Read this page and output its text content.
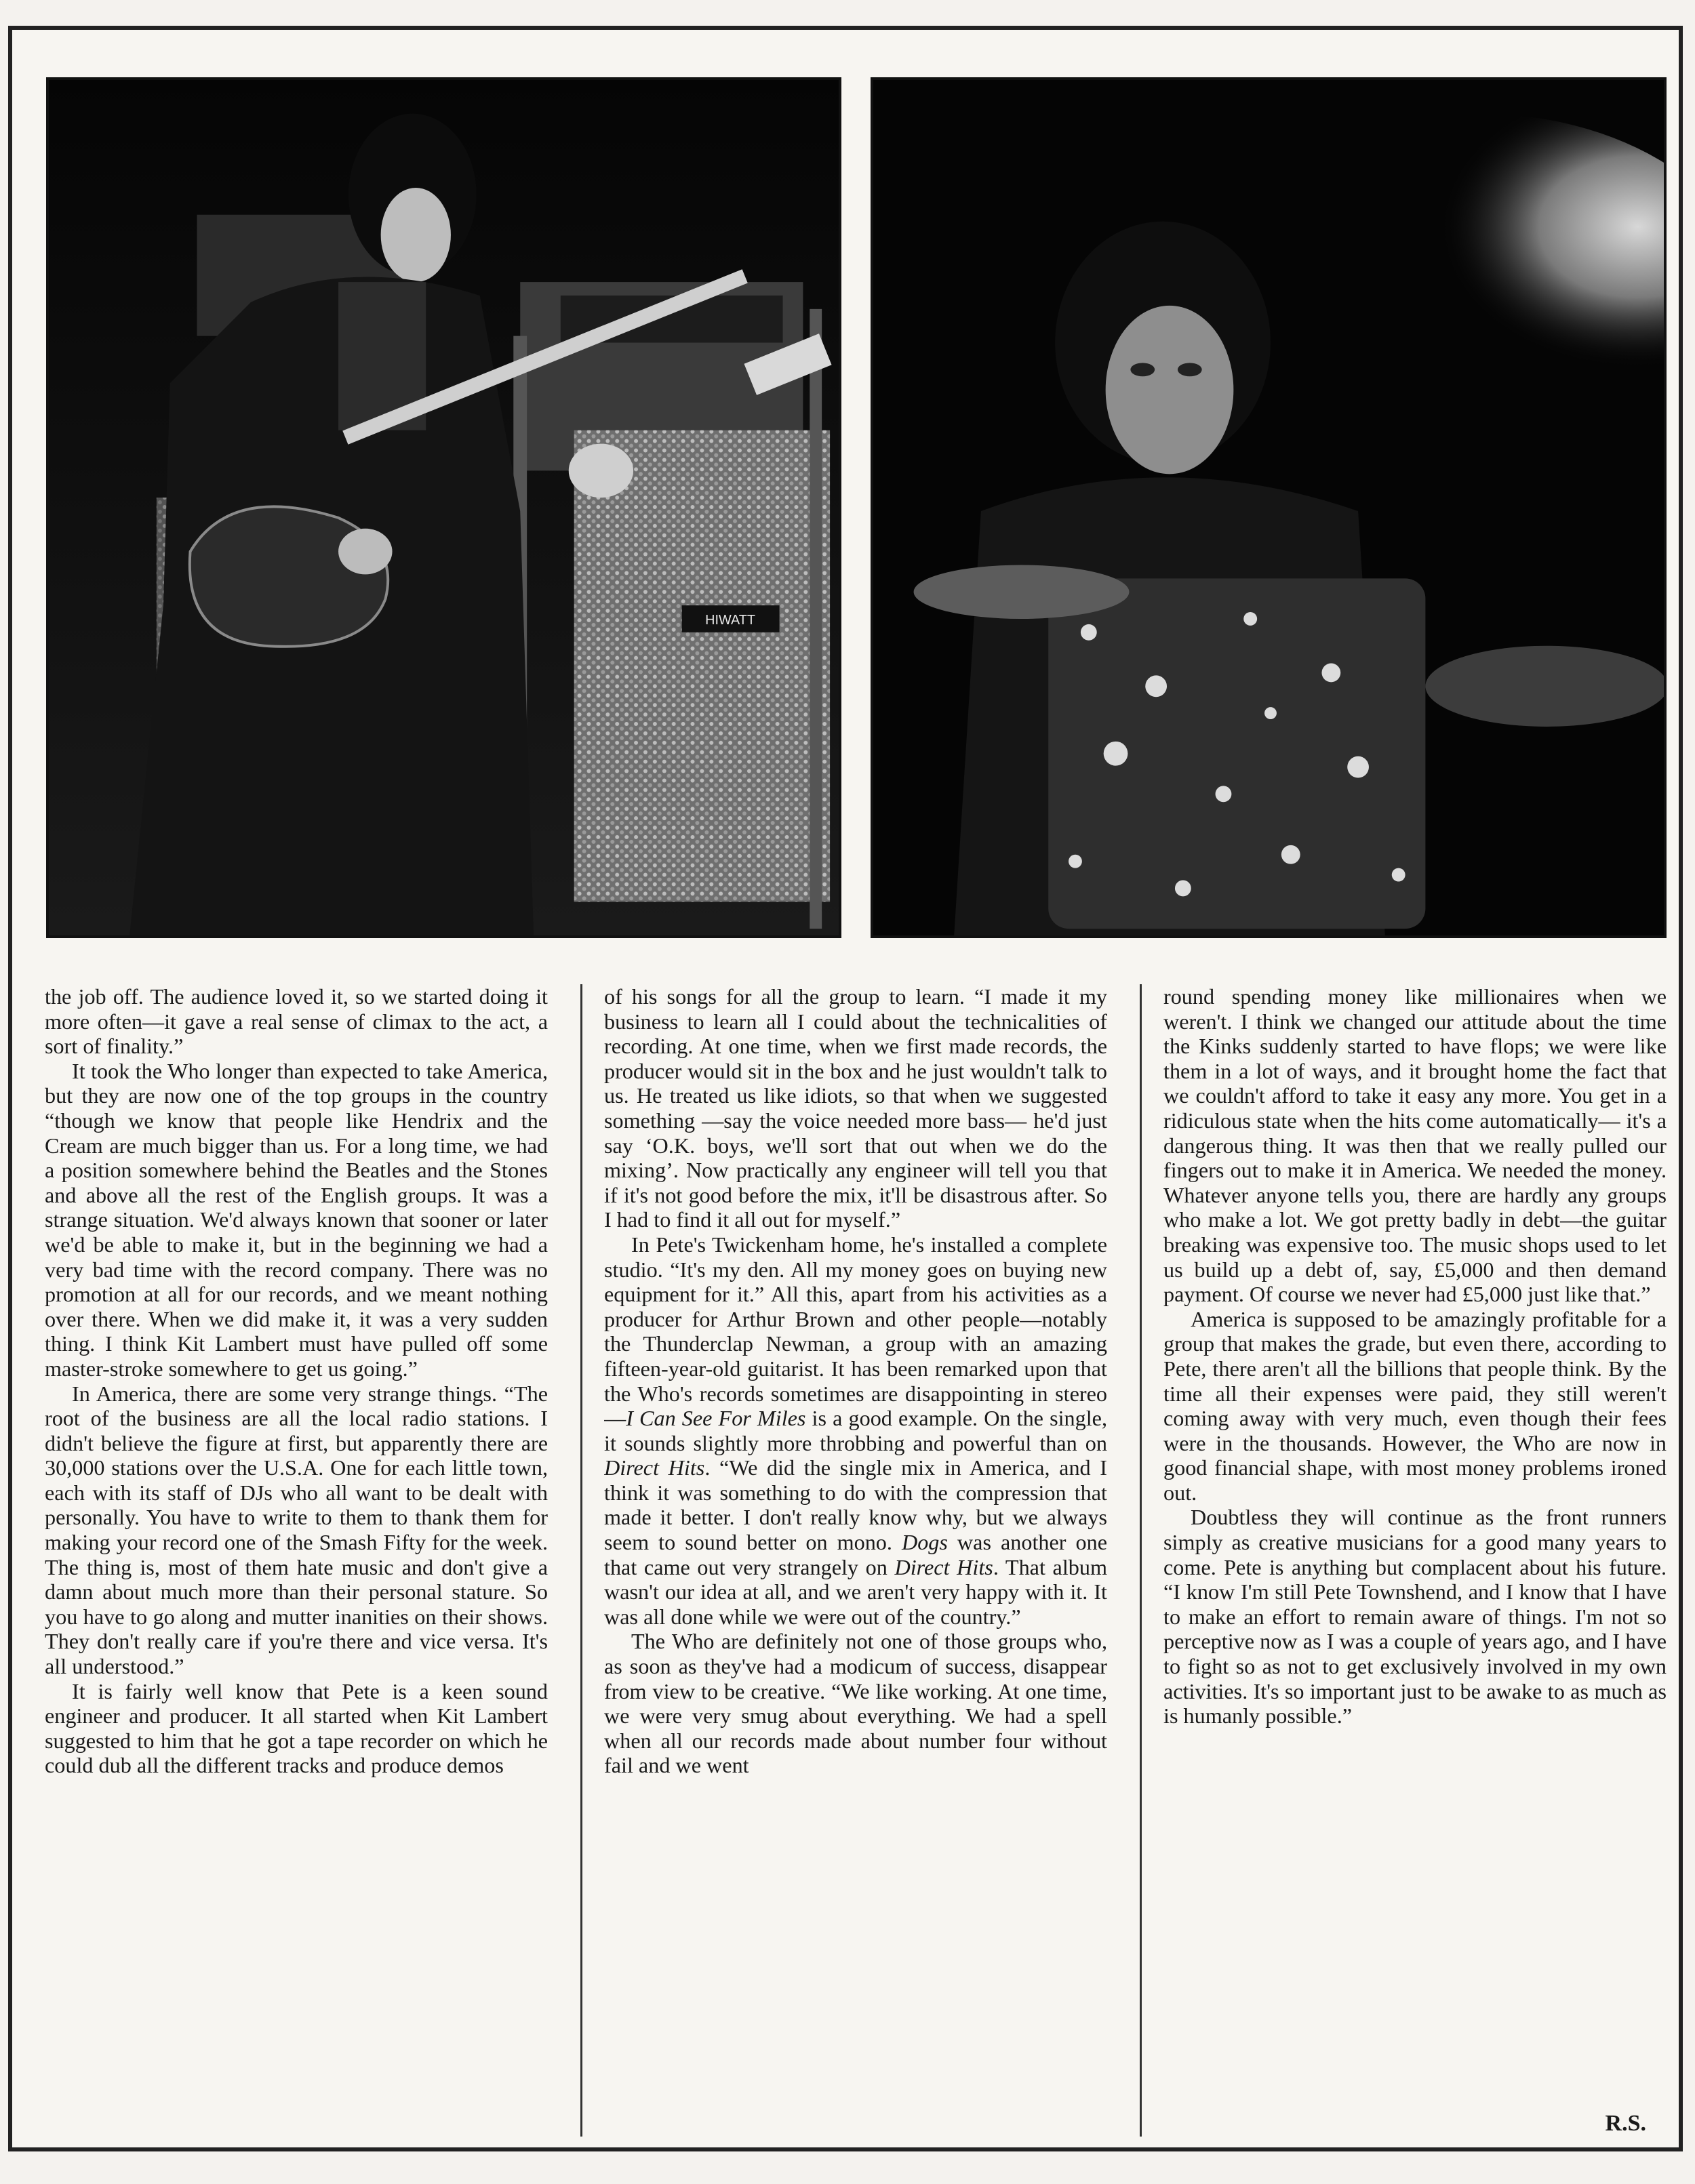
HIWATT

the job off. The audience loved it, so we started doing it more often—it gave a real sense of climax to the act, a sort of finality.”

It took the Who longer than expected to take America, but they are now one of the top groups in the country “though we know that people like Hendrix and the Cream are much bigger than us. For a long time, we had a position somewhere behind the Beatles and the Stones and above all the rest of the English groups. It was a strange situation. We'd always known that sooner or later we'd be able to make it, but in the beginning we had a very bad time with the record company. There was no promotion at all for our records, and we meant nothing over there. When we did make it, it was a very sudden thing. I think Kit Lambert must have pulled off some master-stroke somewhere to get us going.”

In America, there are some very strange things. “The root of the business are all the local radio stations. I didn't believe the figure at first, but apparently there are 30,000 stations over the U.S.A. One for each little town, each with its staff of DJs who all want to be dealt with personally. You have to write to them to thank them for making your record one of the Smash Fifty for the week. The thing is, most of them hate music and don't give a damn about much more than their personal stature. So you have to go along and mutter inanities on their shows. They don't really care if you're there and vice versa. It's all understood.”

It is fairly well know that Pete is a keen sound engineer and producer. It all started when Kit Lambert suggested to him that he got a tape recorder on which he could dub all the different tracks and produce demos

of his songs for all the group to learn. “I made it my business to learn all I could about the technicalities of recording. At one time, when we first made records, the producer would sit in the box and he just wouldn't talk to us. He treated us like idiots, so that when we suggested something —say the voice needed more bass— he'd just say ‘O.K. boys, we'll sort that out when we do the mixing’. Now practically any engineer will tell you that if it's not good before the mix, it'll be disastrous after. So I had to find it all out for myself.”

In Pete's Twickenham home, he's installed a complete studio. “It's my den. All my money goes on buying new equipment for it.” All this, apart from his activities as a producer for Arthur Brown and other people—notably the Thunderclap Newman, a group with an amazing fifteen-year-old guitarist. It has been remarked upon that the Who's records sometimes are disappointing in stereo—I Can See For Miles is a good example. On the single, it sounds slightly more throbbing and powerful than on Direct Hits. “We did the single mix in America, and I think it was something to do with the compression that made it better. I don't really know why, but we always seem to sound better on mono. Dogs was another one that came out very strangely on Direct Hits. That album wasn't our idea at all, and we aren't very happy with it. It was all done while we were out of the country.”

The Who are definitely not one of those groups who, as soon as they've had a modicum of success, disappear from view to be creative. “We like working. At one time, we were very smug about everything. We had a spell when all our records made about number four without fail and we went

round spending money like millionaires when we weren't. I think we changed our attitude about the time the Kinks suddenly started to have flops; we were like them in a lot of ways, and it brought home the fact that we couldn't afford to take it easy any more. You get in a ridiculous state when the hits come automatically— it's a dangerous thing. It was then that we really pulled our fingers out to make it in America. We needed the money. Whatever anyone tells you, there are hardly any groups who make a lot. We got pretty badly in debt—the guitar breaking was expensive too. The music shops used to let us build up a debt of, say, £5,000 and then demand payment. Of course we never had £5,000 just like that.”

America is supposed to be amazingly profitable for a group that makes the grade, but even there, according to Pete, there aren't all the billions that people think. By the time all their expenses were paid, they still weren't coming away with very much, even though their fees were in the thousands. However, the Who are now in good financial shape, with most money problems ironed out.

Doubtless they will continue as the front runners simply as creative musicians for a good many years to come. Pete is anything but complacent about his future. “I know I'm still Pete Townshend, and I know that I have to make an effort to remain aware of things. I'm not so perceptive now as I was a couple of years ago, and I have to fight so as not to get exclusively involved in my own activities. It's so important just to be awake to as much as is humanly possible.”

R.S.
